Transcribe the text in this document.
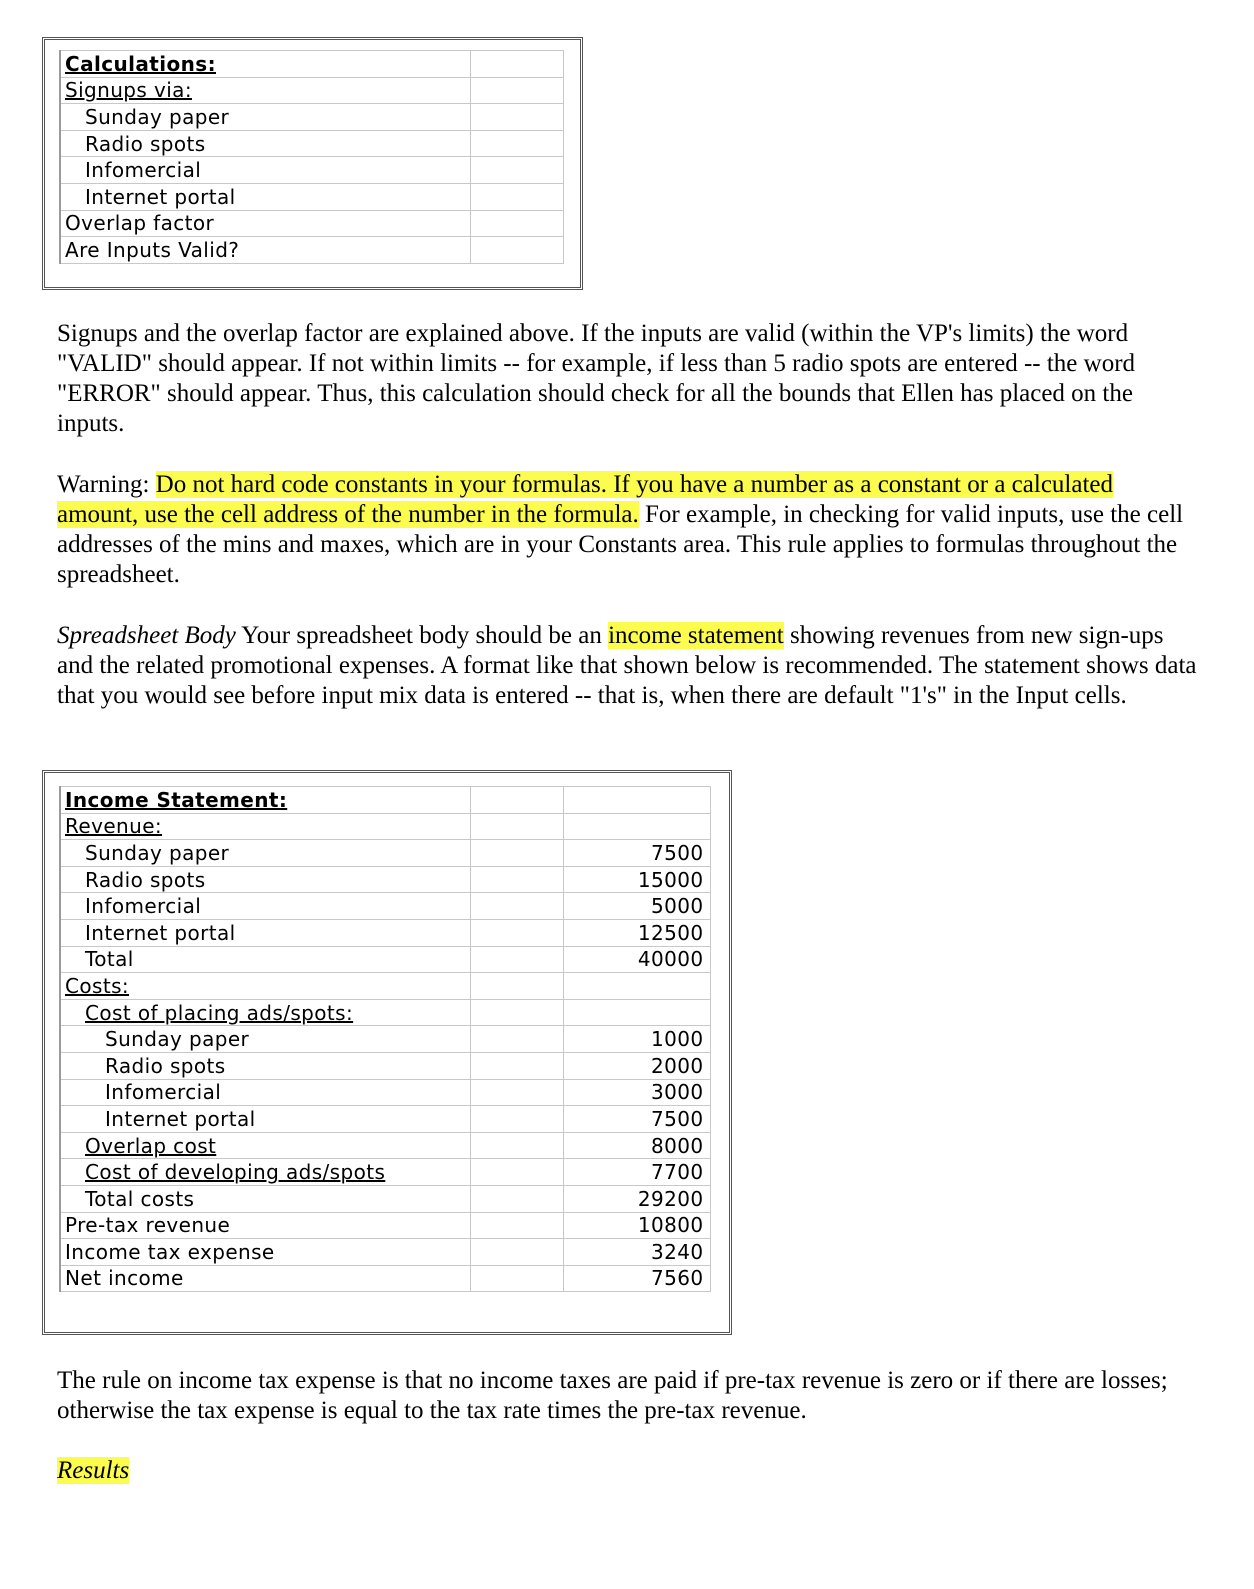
Calculations:	
Signups via:	
Sunday paper	
Radio spots	
Infomercial	
Internet portal	
Overlap factor	
Are Inputs Valid?	

Signups and the overlap factor are explained above. If the inputs are valid (within the VP's limits) the word "VALID" should appear. If not within limits -- for example, if less than 5 radio spots are entered -- the word "ERROR" should appear. Thus, this calculation should check for all the bounds that Ellen has placed on the inputs.

Warning: Do not hard code constants in your formulas. If you have a number as a constant or a calculated amount, use the cell address of the number in the formula. For example, in checking for valid inputs, use the cell addresses of the mins and maxes, which are in your Constants area. This rule applies to formulas throughout the spreadsheet.

Spreadsheet Body Your spreadsheet body should be an income statement showing revenues from new sign-ups and the related promotional expenses. A format like that shown below is recommended. The statement shows data that you would see before input mix data is entered -- that is, when there are default "1's" in the Input cells.

Income Statement:		
Revenue:		
Sunday paper		7500
Radio spots		15000
Infomercial		5000
Internet portal		12500
Total		40000
Costs:		
Cost of placing ads/spots:		
Sunday paper		1000
Radio spots		2000
Infomercial		3000
Internet portal		7500
Overlap cost		8000
Cost of developing ads/spots		7700
Total costs		29200
Pre-tax revenue		10800
Income tax expense		3240
Net income		7560

The rule on income tax expense is that no income taxes are paid if pre-tax revenue is zero or if there are losses; otherwise the tax expense is equal to the tax rate times the pre-tax revenue.

Results
